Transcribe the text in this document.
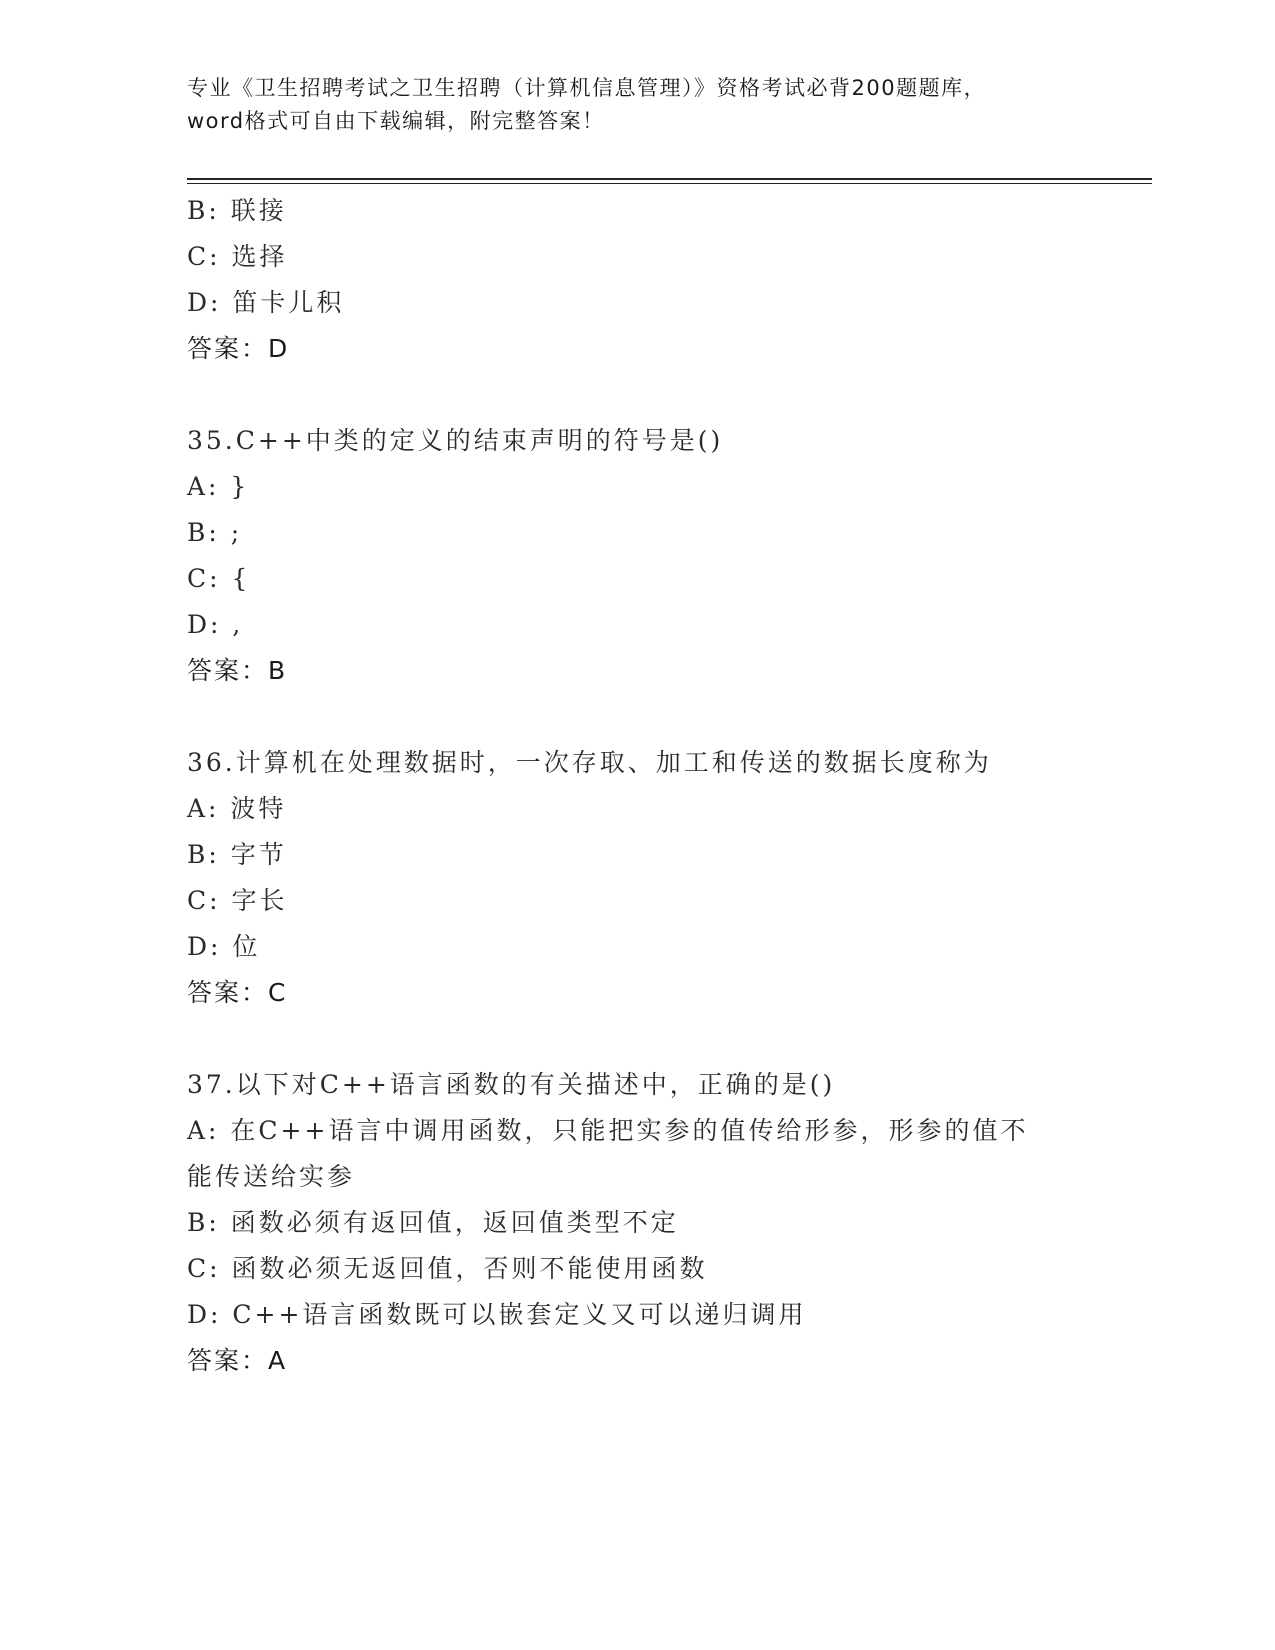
专业《卫生招聘考试之卫生招聘（计算机信息管理）》资格考试必背200题题库，
word格式可自由下载编辑，附完整答案！
B: 联接
C: 选择
D: 笛卡儿积
答案：D
35.C++中类的定义的结束声明的符号是()
A: }
B: ;
C: {
D: ,
答案：B
36.计算机在处理数据时，一次存取、加工和传送的数据长度称为
A: 波特
B: 字节
C: 字长
D: 位
答案：C
37.以下对C++语言函数的有关描述中，正确的是()
A: 在C++语言中调用函数，只能把实参的值传给形参，形参的值不能传送给实参
B: 函数必须有返回值，返回值类型不定
C: 函数必须无返回值，否则不能使用函数
D: C++语言函数既可以嵌套定义又可以递归调用
答案：A
